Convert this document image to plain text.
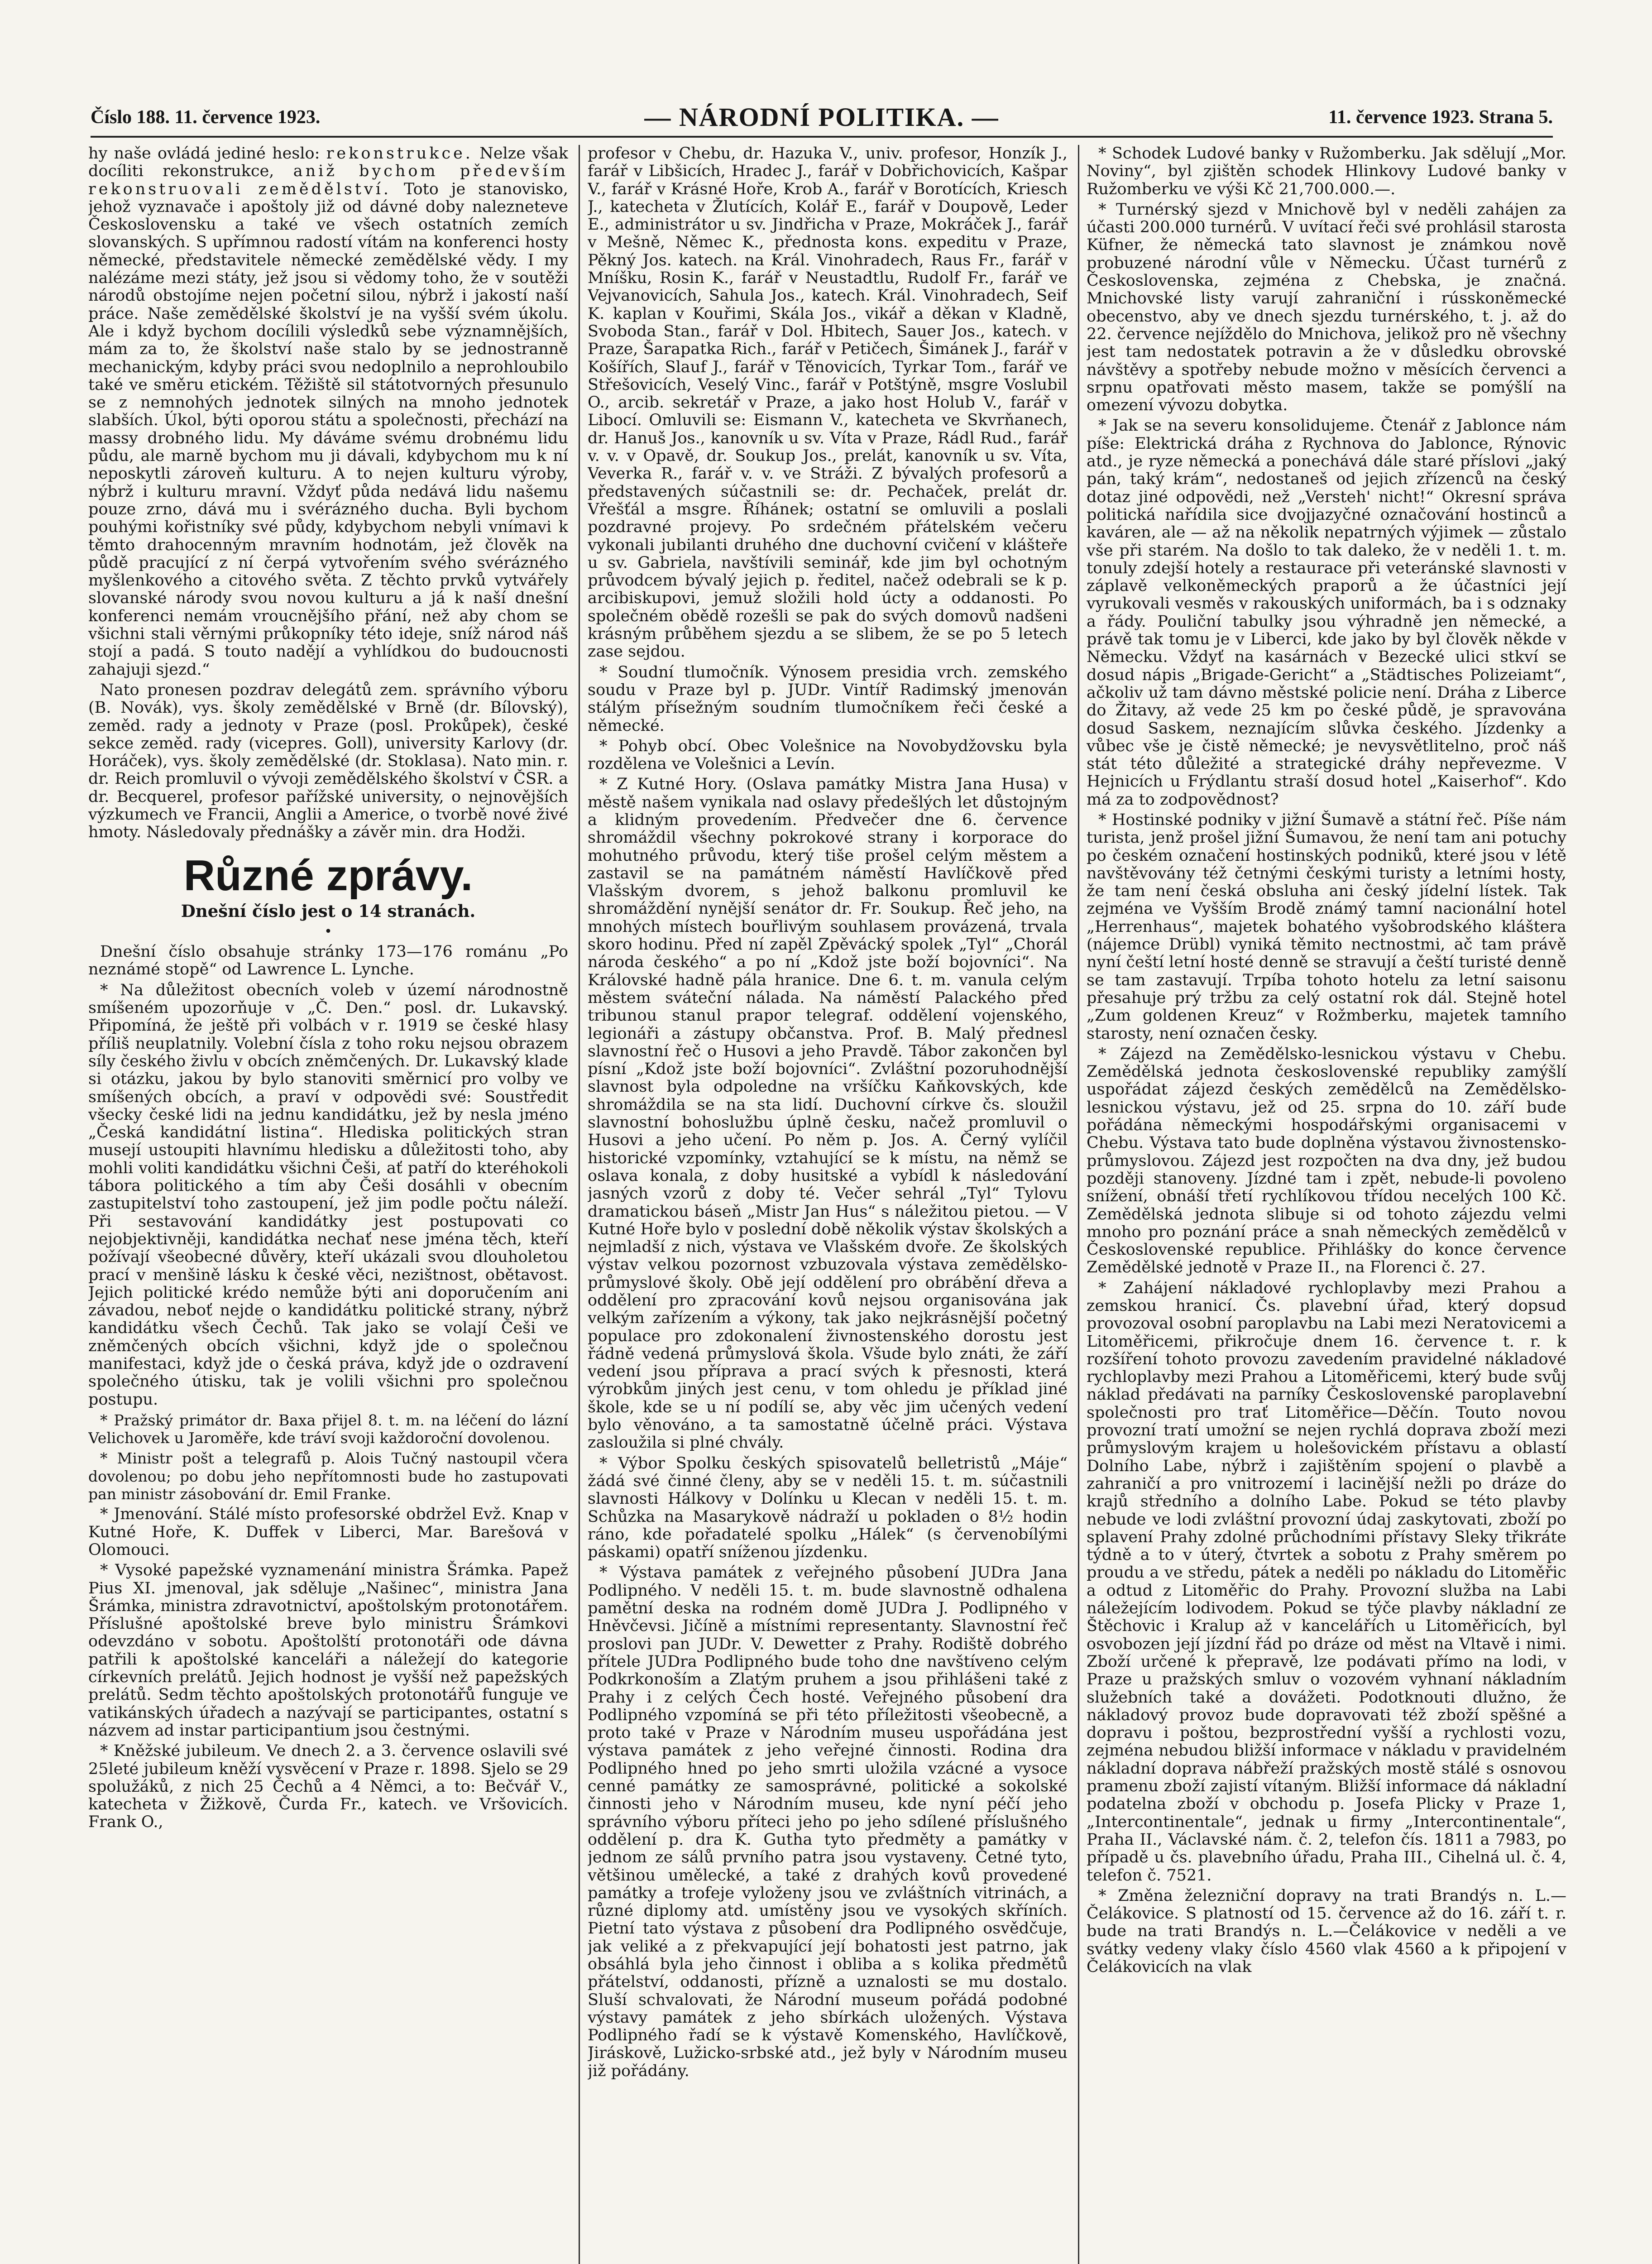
Číslo 188. 11. července 1923.	— NÁRODNÍ POLITIKA. —	11. července 1923. Strana 5.

hy naše ovládá jediné heslo: rekonstrukce. Nelze však docíliti rekonstrukce, aniž bychom především rekonstruovali zemědělství. Toto je stanovisko, jehož vyznavače i apoštoly již od dávné doby nalezneteve Československu a také ve všech ostatních zemích slovanských. S upřímnou radostí vítám na konferenci hosty německé, představitele německé zemědělské vědy. I my nalézáme mezi státy, jež jsou si vědomy toho, že v soutěži národů obstojíme nejen početní silou, nýbrž i jakostí naší práce. Naše zemědělské školství je na vyšší svém úkolu. Ale i když bychom docílili výsledků sebe významnějších, mám za to, že školství naše stalo by se jednostranně mechanickým, kdyby práci svou nedoplnilo a neprohloubilo také ve směru etickém. Těžiště sil státotvorných přesunulo se z nemnohých jednotek silných na mnoho jednotek slabších. Úkol, býti oporou státu a společnosti, přechází na massy drobného lidu. My dáváme svému drobnému lidu půdu, ale marně bychom mu ji dávali, kdybychom mu k ní neposkytli zároveň kulturu. A to nejen kulturu výroby, nýbrž i kulturu mravní. Vždyť půda nedává lidu našemu pouze zrno, dává mu i svérázného ducha. Byli bychom pouhými kořistníky své půdy, kdybychom nebyli vnímavi k těmto drahocenným mravním hodnotám, jež člověk na půdě pracující z ní čerpá vytvořením svého svérázného myšlenkového a citového světa. Z těchto prvků vytvářely slovanské národy svou novou kulturu a já k naší dnešní konferenci nemám vroucnějšího přání, než aby chom se všichni stali věrnými průkopníky této ideje, sníž národ náš stojí a padá. S touto nadějí a vyhlídkou do budoucnosti zahajuji sjezd.“

Nato pronesen pozdrav delegátů zem. správního výboru (B. Novák), vys. školy zemědělské v Brně (dr. Bílovský), zeměd. rady a jednoty v Praze (posl. Prokůpek), české sekce zeměd. rady (vicepres. Goll), university Karlovy (dr. Horáček), vys. školy zemědělské (dr. Stoklasa). Nato min. r. dr. Reich promluvil o vývoji zemědělského školství v ČSR. a dr. Becquerel, profesor pařížské university, o nejnovějších výzkumech ve Francii, Anglii a Americe, o tvorbě nové živé hmoty. Následovaly přednášky a závěr min. dra Hodži.

Různé zprávy.

Dnešní číslo jest o 14 stranách.

•

Dnešní číslo obsahuje stránky 173—176 románu „Po neznámé stopě“ od Lawrence L. Lynche.

* Na důležitost obecních voleb v území národnostně smíšeném upozorňuje v „Č. Den.“ posl. dr. Lukavský. Připomíná, že ještě při volbách v r. 1919 se české hlasy příliš neuplatnily. Volební čísla z toho roku nejsou obrazem síly českého živlu v obcích zněmčených. Dr. Lukavský klade si otázku, jakou by bylo stanoviti směrnicí pro volby ve smíšených obcích, a praví v odpovědi své: Soustředit všecky české lidi na jednu kandidátku, jež by nesla jméno „Česká kandidátní listina“. Hlediska politických stran musejí ustoupiti hlavnímu hledisku a důležitosti toho, aby mohli voliti kandidátku všichni Češi, ať patří do kteréhokoli tábora politického a tím aby Češi dosáhli v obecním zastupitelství toho zastoupení, jež jim podle počtu náleží. Při sestavování kandidátky jest postupovati co nejobjektivněji, kandidátka nechať nese jména těch, kteří požívají všeobecné důvěry, kteří ukázali svou dlouholetou prací v menšině lásku k české věci, nezištnost, obětavost. Jejich politické krédo nemůže býti ani doporučením ani závadou, neboť nejde o kandidátku politické strany, nýbrž kandidátku všech Čechů. Tak jako se volají Češi ve zněmčených obcích všichni, když jde o společnou manifestaci, když jde o česká práva, když jde o ozdravení společného útisku, tak je volili všichni pro společnou postupu.

* Pražský primátor dr. Baxa přijel 8. t. m. na léčení do lázní Velichovek u Jaroměře, kde tráví svoji každoroční dovolenou.

* Ministr pošt a telegrafů p. Alois Tučný nastoupil včera dovolenou; po dobu jeho nepřítomnosti bude ho zastupovati pan ministr zásobování dr. Emil Franke.

* Jmenování. Stálé místo profesorské obdržel Evž. Knap v Kutné Hoře, K. Duffek v Liberci, Mar. Barešová v Olomouci.

* Vysoké papežské vyznamenání ministra Šrámka. Papež Pius XI. jmenoval, jak sděluje „Našinec“, ministra Jana Šrámka, ministra zdravotnictví, apoštolským protonotářem. Příslušné apoštolské breve bylo ministru Šrámkovi odevzdáno v sobotu. Apoštolští protonotáři ode dávna patřili k apoštolské kanceláři a náležejí do kategorie církevních prelátů. Jejich hodnost je vyšší než papežských prelátů. Sedm těchto apoštolských protonotářů funguje ve vatikánských úřadech a nazývají se participantes, ostatní s názvem ad instar participantium jsou čestnými.

* Kněžské jubileum. Ve dnech 2. a 3. července oslavili své 25leté jubileum kněží vysvěcení v Praze r. 1898. Sjelo se 29 spolužáků, z nich 25 Čechů a 4 Němci, a to: Bečvář V., katecheta v Žižkově, Čurda Fr., katech. ve Vršovicích. Frank O.,

profesor v Chebu, dr. Hazuka V., univ. profesor, Honzík J., farář v Libšicích, Hradec J., farář v Dobřichovicích, Kašpar V., farář v Krásné Hoře, Krob A., farář v Borotících, Kriesch J., katecheta v Žlutících, Kolář E., farář v Doupově, Leder E., administrátor u sv. Jindřicha v Praze, Mokráček J., farář v Mešně, Němec K., přednosta kons. expeditu v Praze, Pěkný Jos. katech. na Král. Vinohradech, Raus Fr., farář v Mníšku, Rosin K., farář v Neustadtlu, Rudolf Fr., farář ve Vejvanovicích, Sahula Jos., katech. Král. Vinohradech, Seif K. kaplan v Kouřimi, Skála Jos., vikář a děkan v Kladně, Svoboda Stan., farář v Dol. Hbitech, Sauer Jos., katech. v Praze, Šarapatka Rich., farář v Petičech, Šimánek J., farář v Košířích, Slauf J., farář v Těnovicích, Tyrkar Tom., farář ve Střešovicích, Veselý Vinc., farář v Potštýně, msgre Voslubil O., arcib. sekretář v Praze, a jako host Holub V., farář v Libocí. Omluvili se: Eismann V., katecheta ve Skvrňanech, dr. Hanuš Jos., kanovník u sv. Víta v Praze, Rádl Rud., farář v. v. v Opavě, dr. Soukup Jos., prelát, kanovník u sv. Víta, Veverka R., farář v. v. ve Stráži. Z bývalých profesorů a představených súčastnili se: dr. Pechaček, prelát dr. Vřešťál a msgre. Říhánek; ostatní se omluvili a poslali pozdravné projevy. Po srdečném přátelském večeru vykonali jubilanti druhého dne duchovní cvičení v klášteře u sv. Gabriela, navštívili seminář, kde jim byl ochotným průvodcem bývalý jejich p. ředitel, načež odebrali se k p. arcibiskupovi, jemuž složili hold úcty a oddanosti. Po společném obědě rozešli se pak do svých domovů nadšeni krásným průběhem sjezdu a se slibem, že se po 5 letech zase sejdou.

* Soudní tlumočník. Výnosem presidia vrch. zemského soudu v Praze byl p. JUDr. Vintíř Radimský jmenován stálým přísežným soudním tlumočníkem řeči české a německé.

* Pohyb obcí. Obec Volešnice na Novobydžovsku byla rozdělena ve Volešnici a Levín.

* Z Kutné Hory. (Oslava památky Mistra Jana Husa) v městě našem vynikala nad oslavy předešlých let důstojným a klidným provedením. Předvečer dne 6. července shromáždil všechny pokrokové strany i korporace do mohutného průvodu, který tiše prošel celým městem a zastavil se na památném náměstí Havlíčkově před Vlašským dvorem, s jehož balkonu promluvil ke shromáždění nynější senátor dr. Fr. Soukup. Řeč jeho, na mnohých místech bouřlivým souhlasem provázená, trvala skoro hodinu. Před ní zapěl Zpěvácký spolek „Tyl“ „Chorál národa českého“ a po ní „Kdož jste boží bojovníci“. Na Královské hadně pála hranice. Dne 6. t. m. vanula celým městem sváteční nálada. Na náměstí Palackého před tribunou stanul prapor telegraf. oddělení vojenského, legionáři a zástupy občanstva. Prof. B. Malý přednesl slavnostní řeč o Husovi a jeho Pravdě. Tábor zakončen byl písní „Kdož jste boží bojovníci“. Zvláštní pozoruhodnější slavnost byla odpoledne na vršíčku Kaňkovských, kde shromáždila se na sta lidí. Duchovní církve čs. sloužil slavnostní bohoslužbu úplně česku, načež promluvil o Husovi a jeho učení. Po něm p. Jos. A. Černý vylíčil historické vzpomínky, vztahující se k místu, na němž se oslava konala, z doby husitské a vybídl k následování jasných vzorů z doby té. Večer sehrál „Tyl“ Tylovu dramatickou báseň „Mistr Jan Hus“ s náležitou pietou. — V Kutné Hoře bylo v poslední době několik výstav školských a nejmladší z nich, výstava ve Vlašském dvoře. Ze školských výstav velkou pozornost vzbuzovala výstava zemědělsko-průmyslové školy. Obě její oddělení pro obrábění dřeva a oddělení pro zpracování kovů nejsou organisována jak velkým zařízením a výkony, tak jako nejkrásnější početný populace pro zdokonalení živnostenského dorostu jest řádně vedená průmyslová škola. Všude bylo znáti, že září vedení jsou příprava a prací svých k přesnosti, která výrobkům jiných jest cenu, v tom ohledu je příklad jiné škole, kde se u ní podílí se, aby věc jim učených vedení bylo věnováno, a ta samostatně účelně práci. Výstava zasloužila si plné chvály.

* Výbor Spolku českých spisovatelů belletristů „Máje“ žádá své činné členy, aby se v neděli 15. t. m. súčastnili slavnosti Hálkovy v Dolínku u Klecan v neděli 15. t. m. Schůzka na Masarykově nádraží u pokladen o 8½ hodin ráno, kde pořadatelé spolku „Hálek“ (s červenobílými páskami) opatří sníženou jízdenku.

* Výstava památek z veřejného působení JUDra Jana Podlipného. V neděli 15. t. m. bude slavnostně odhalena pamětní deska na rodném domě JUDra J. Podlipného v Hněvčevsi. Jičíně a místními representanty. Slavnostní řeč proslovi pan JUDr. V. Dewetter z Prahy. Rodiště dobrého přítele JUDra Podlipného bude toho dne navštíveno celým Podkrkonoším a Zlatým pruhem a jsou přihlášeni také z Prahy i z celých Čech hosté. Veřejného působení dra Podlipného vzpomíná se při této příležitosti všeobecně, a proto také v Praze v Národním museu uspořádána jest výstava památek z jeho veřejné činnosti. Rodina dra Podlipného hned po jeho smrti uložila vzácné a vysoce cenné památky ze samosprávné, politické a sokolské činnosti jeho v Národním museu, kde nyní péčí jeho správního výboru příteci jeho po jeho sdílené příslušného oddělení p. dra K. Gutha tyto předměty a památky v jednom ze sálů prvního patra jsou vystaveny. Četné tyto, většinou umělecké, a také z drahých kovů provedené památky a trofeje vyloženy jsou ve zvláštních vitrinách, a různé diplomy atd. umístěny jsou ve vysokých skříních. Pietní tato výstava z působení dra Podlipného osvědčuje, jak veliké a z překvapující její bohatosti jest patrno, jak obsáhlá byla jeho činnost i obliba a s kolika předmětů přátelství, oddanosti, přízně a uznalosti se mu dostalo. Sluší schvalovati, že Národní museum pořádá podobné výstavy památek z jeho sbírkách uložených. Výstava Podlipného řadí se k výstavě Komenského, Havlíčkově, Jiráskově, Lužicko-srbské atd., jež byly v Národním museu již pořádány.

* Schodek Ludové banky v Ružomberku. Jak sdělují „Mor. Noviny“, byl zjištěn schodek Hlinkovy Ludové banky v Ružomberku ve výši Kč 21,700.000.—.

* Turnérský sjezd v Mnichově byl v neděli zahájen za účasti 200.000 turnérů. V uvítací řeči své prohlásil starosta Küfner, že německá tato slavnost je známkou nově probuzené národní vůle v Německu. Účast turnérů z Československa, zejména z Chebska, je značná. Mnichovské listy varují zahraniční i rússkoněmecké obecenstvo, aby ve dnech sjezdu turnérského, t. j. až do 22. července nejíždělo do Mnichova, jelikož pro ně všechny jest tam nedostatek potravin a že v důsledku obrovské návštěvy a spotřeby nebude možno v měsících červenci a srpnu opatřovati město masem, takže se pomýšlí na omezení vývozu dobytka.

* Jak se na severu konsolidujeme. Čtenář z Jablonce nám píše: Elektrická dráha z Rychnova do Jablonce, Rýnovic atd., je ryze německá a ponechává dále staré příslovi „jaký pán, taký krám“, nedostaneš od jejich zřízenců na český dotaz jiné odpovědi, než „Versteh' nicht!“ Okresní správa politická nařídila sice dvojjazyčné označování hostinců a kaváren, ale — až na několik nepatrných výjimek — zůstalo vše při starém. Na došlo to tak daleko, že v neděli 1. t. m. tonuly zdejší hotely a restaurace při veteránské slavnosti v záplavě velkoněmeckých praporů a že účastníci její vyrukovali vesměs v rakouských uniformách, ba i s odznaky a řády. Pouliční tabulky jsou výhradně jen německé, a právě tak tomu je v Liberci, kde jako by byl člověk někde v Německu. Vždyť na kasárnách v Bezecké ulici stkví se dosud nápis „Brigade-Gericht“ a „Städtisches Polizeiamt“, ačkoliv už tam dávno městské policie není. Dráha z Liberce do Žitavy, až vede 25 km po české půdě, je spravována dosud Saskem, neznajícím slůvka českého. Jízdenky a vůbec vše je čistě německé; je nevysvětlitelno, proč náš stát této důležité a strategické dráhy nepřevezme. V Hejnicích u Frýdlantu straší dosud hotel „Kaiserhof“. Kdo má za to zodpovědnost?

* Hostinské podniky v jižní Šumavě a státní řeč. Píše nám turista, jenž prošel jižní Šumavou, že není tam ani potuchy po českém označení hostinských podniků, které jsou v létě navštěvovány též četnými českými turisty a letními hosty, že tam není česká obsluha ani český jídelní lístek. Tak zejména ve Vyšším Brodě známý tamní nacionální hotel „Herrenhaus“, majetek bohatého vyšobrodského kláštera (nájemce Drübl) vyniká těmito nectnostmi, ač tam právě nyní čeští letní hosté denně se stravují a čeští turisté denně se tam zastavují. Trpíba tohoto hotelu za letní saisonu přesahuje prý tržbu za celý ostatní rok dál. Stejně hotel „Zum goldenen Kreuz“ v Rožmberku, majetek tamního starosty, není označen česky.

* Zájezd na Zemědělsko-lesnickou výstavu v Chebu. Zemědělská jednota československé republiky zamýšlí uspořádat zájezd českých zemědělců na Zemědělsko-lesnickou výstavu, jež od 25. srpna do 10. září bude pořádána německými hospodářskými organisacemi v Chebu. Výstava tato bude doplněna výstavou živnostensko-průmyslovou. Zájezd jest rozpočten na dva dny, jež budou později stanoveny. Jízdné tam i zpět, nebude-li povoleno snížení, obnáší třetí rychlíkovou třídou necelých 100 Kč. Zemědělská jednota slibuje si od tohoto zájezdu velmi mnoho pro poznání práce a snah německých zemědělců v Československé republice. Přihlášky do konce července Zemědělské jednotě v Praze II., na Florenci č. 27.

* Zahájení nákladové rychloplavby mezi Prahou a zemskou hranicí. Čs. plavební úřad, který dopsud provozoval osobní paroplavbu na Labi mezi Neratovicemi a Litoměřicemi, přikročuje dnem 16. července t. r. k rozšíření tohoto provozu zavedením pravidelné nákladové rychloplavby mezi Prahou a Litoměřicemi, který bude svůj náklad předávati na parníky Československé paroplavební společnosti pro trať Litoměřice—Děčín. Touto novou provozní tratí umožní se nejen rychlá doprava zboží mezi průmyslovým krajem u holešovickém přístavu a oblastí Dolního Labe, nýbrž i zajištěním spojení o plavbě a zahraničí a pro vnitrozemí i lacinější nežli po dráze do krajů středního a dolního Labe. Pokud se této plavby nebude ve lodi zvláštní provozní údaj zaskytovati, zboží po splavení Prahy zdolné průchodními přístavy Sleky třikráte týdně a to v úterý, čtvrtek a sobotu z Prahy směrem po proudu a ve středu, pátek a neděli po nákladu do Litoměřic a odtud z Litoměřic do Prahy. Provozní služba na Labi náležejícím lodivodem. Pokud se týče plavby nákladní ze Štěchovic i Kralup až v kancelářích u Litoměřicích, byl osvobozen její jízdní řád po dráze od měst na Vltavě i nimi. Zboží určené k přepravě, lze podávati přímo na lodi, v Praze u pražských smluv o vozovém vyhnaní nákladním služebních také a dovážeti. Podotknouti dlužno, že nákladový provoz bude dopravovati též zboží spěšné a dopravu i poštou, bezprostřední vyšší a rychlosti vozu, zejména nebudou bližší informace v nákladu v pravidelném nákladní doprava nábřeží pražských mostě stálé s osnovou pramenu zboží zajistí vítaným. Bližší informace dá nákladní podatelna zboží v obchodu p. Josefa Plicky v Praze 1, „Intercontinentale“, jednak u firmy „Intercontinentale“, Praha II., Václavské nám. č. 2, telefon čís. 1811 a 7983, po případě u čs. plavebního úřadu, Praha III., Cihelná ul. č. 4, telefon č. 7521.

* Změna železniční dopravy na trati Brandýs n. L.—Čelákovice. S platností od 15. července až do 16. září t. r. bude na trati Brandýs n. L.—Čelákovice v neděli a ve svátky vedeny vlaky číslo 4560 vlak 4560 a k připojení v Čelákovicích na vlak
